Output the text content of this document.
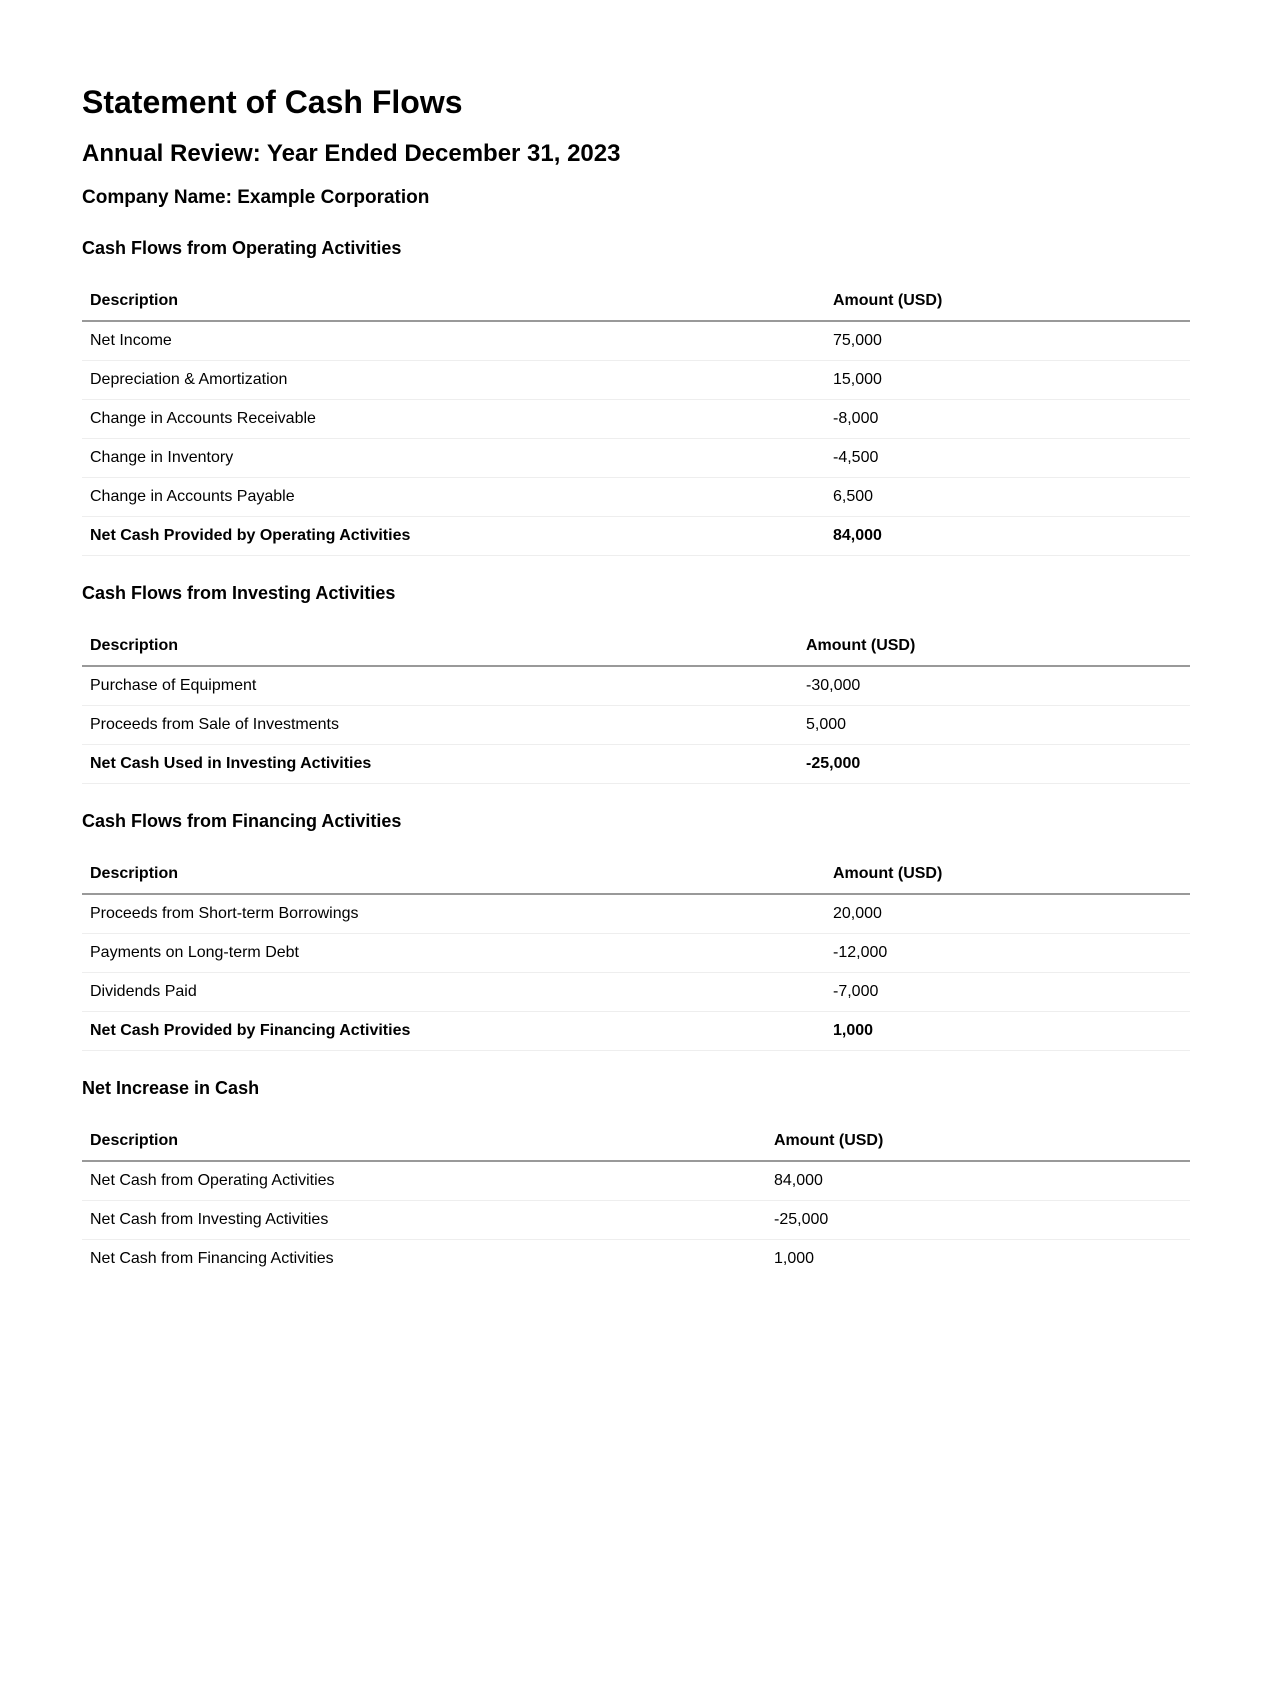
Statement of Cash Flows
Annual Review: Year Ended December 31, 2023
Company Name: Example Corporation
Cash Flows from Operating Activities
Description	Amount (USD)
Net Income	75,000
Depreciation & Amortization	15,000
Change in Accounts Receivable	-8,000
Change in Inventory	-4,500
Change in Accounts Payable	6,500
Net Cash Provided by Operating Activities	84,000
Cash Flows from Investing Activities
Description	Amount (USD)
Purchase of Equipment	-30,000
Proceeds from Sale of Investments	5,000
Net Cash Used in Investing Activities	-25,000
Cash Flows from Financing Activities
Description	Amount (USD)
Proceeds from Short-term Borrowings	20,000
Payments on Long-term Debt	-12,000
Dividends Paid	-7,000
Net Cash Provided by Financing Activities	1,000
Net Increase in Cash
Description	Amount (USD)
Net Cash from Operating Activities	84,000
Net Cash from Investing Activities	-25,000
Net Cash from Financing Activities	1,000
